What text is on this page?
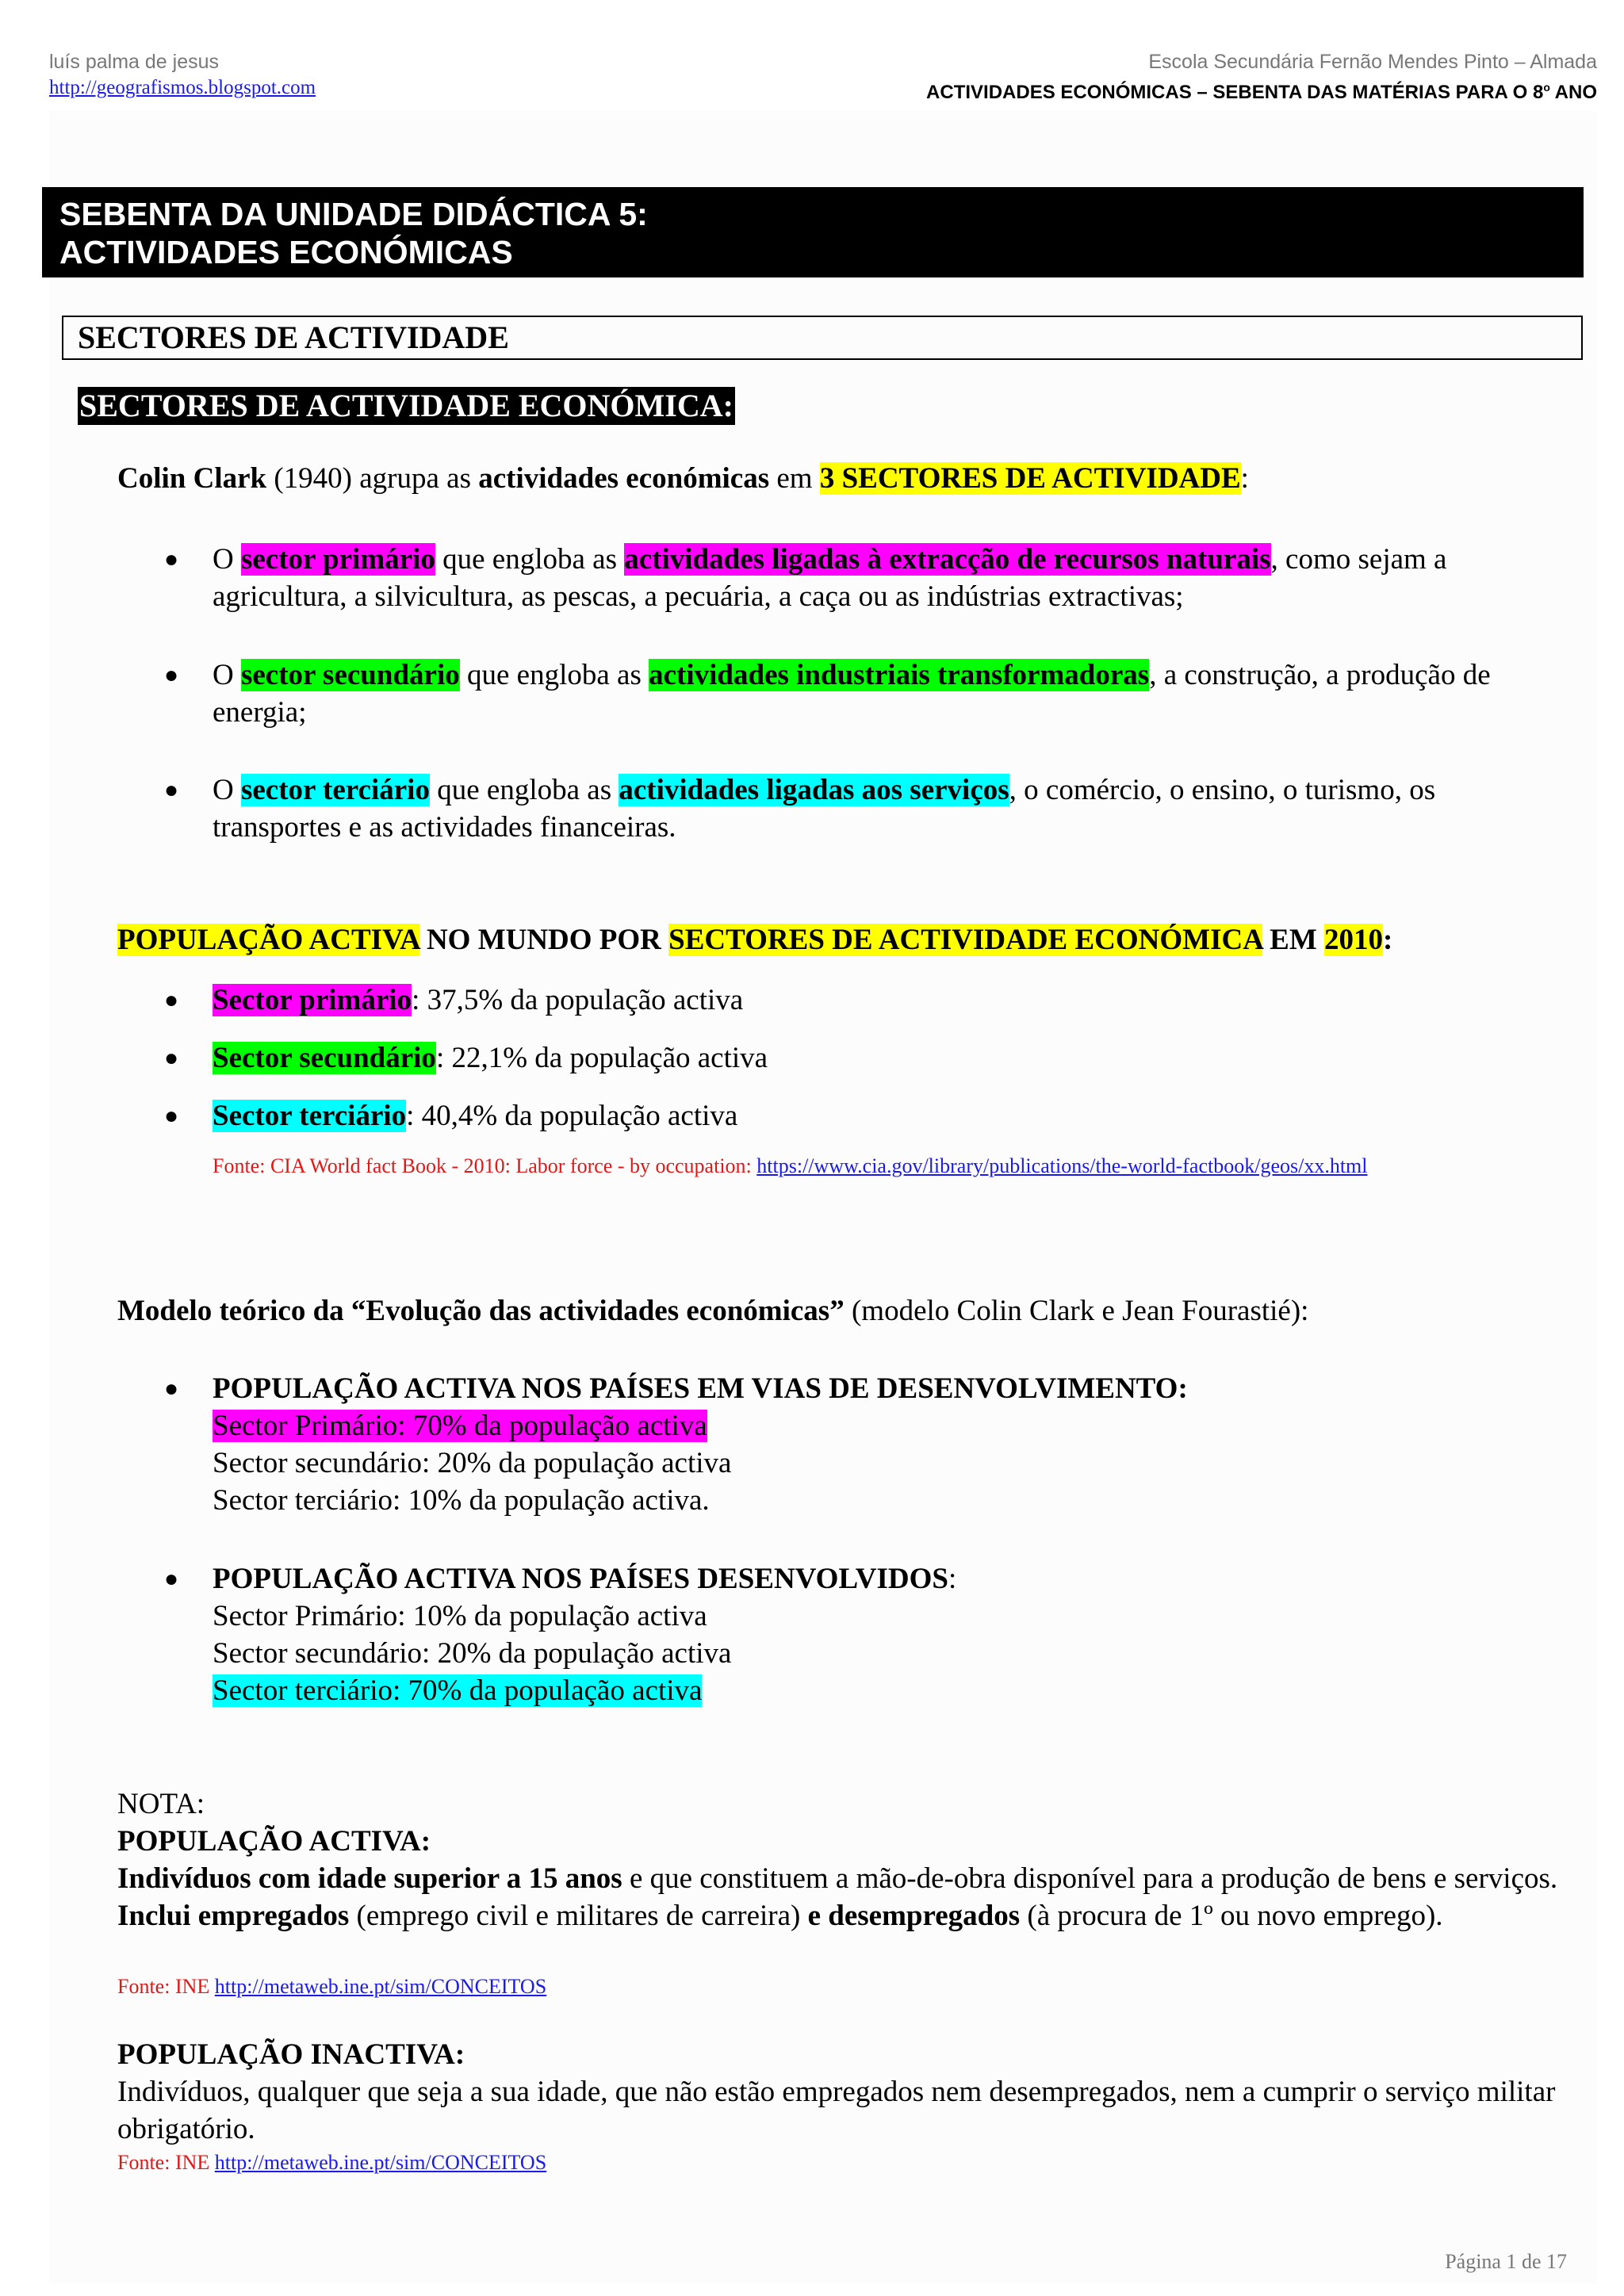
luís palma de jesus
http://geografismos.blogspot.com
Escola Secundária Fernão Mendes Pinto – Almada
ACTIVIDADES ECONÓMICAS – SEBENTA DAS MATÉRIAS PARA O 8$^o$ ANO
SEBENTA DA UNIDADE DIDÁCTICA 5:
ACTIVIDADES ECONÓMICAS
SECTORES DE ACTIVIDADE
SECTORES DE ACTIVIDADE ECONÓMICA:
Colin Clark (1940) agrupa as actividades económicas em 3 SECTORES DE ACTIVIDADE:
● O sector primário que engloba as actividades ligadas à extracção de recursos naturais, como sejam a agricultura, a silvicultura, as pescas, a pecuária, a caça ou as indústrias extractivas;
● O sector secundário que engloba as actividades industriais transformadoras, a construção, a produção de energia;
● O sector terciário que engloba as actividades ligadas aos serviços, o comércio, o ensino, o turismo, os transportes e as actividades financeiras.
POPULAÇÃO ACTIVA NO MUNDO POR SECTORES DE ACTIVIDADE ECONÓMICA EM 2010:
● Sector primário: 37,5% da população activa
● Sector secundário: 22,1% da população activa
● Sector terciário: 40,4% da população activa
Fonte: CIA World fact Book - 2010: Labor force - by occupation: https://www.cia.gov/library/publications/the-world-factbook/geos/xx.html
Modelo teórico da “Evolução das actividades económicas” (modelo Colin Clark e Jean Fourastié):
● POPULAÇÃO ACTIVA NOS PAÍSES EM VIAS DE DESENVOLVIMENTO:
Sector Primário: 70% da população activa
Sector secundário: 20% da população activa
Sector terciário: 10% da população activa.
● POPULAÇÃO ACTIVA NOS PAÍSES DESENVOLVIDOS:
Sector Primário: 10% da população activa
Sector secundário: 20% da população activa
Sector terciário: 70% da população activa
NOTA:
POPULAÇÃO ACTIVA:
Indivíduos com idade superior a 15 anos e que constituem a mão-de-obra disponível para a produção de bens e serviços. Inclui empregados (emprego civil e militares de carreira) e desempregados (à procura de 1º ou novo emprego).
Fonte: INE http://metaweb.ine.pt/sim/CONCEITOS
POPULAÇÃO INACTIVA:
Indivíduos, qualquer que seja a sua idade, que não estão empregados nem desempregados, nem a cumprir o serviço militar obrigatório.
Fonte: INE http://metaweb.ine.pt/sim/CONCEITOS
Página 1 de 17
